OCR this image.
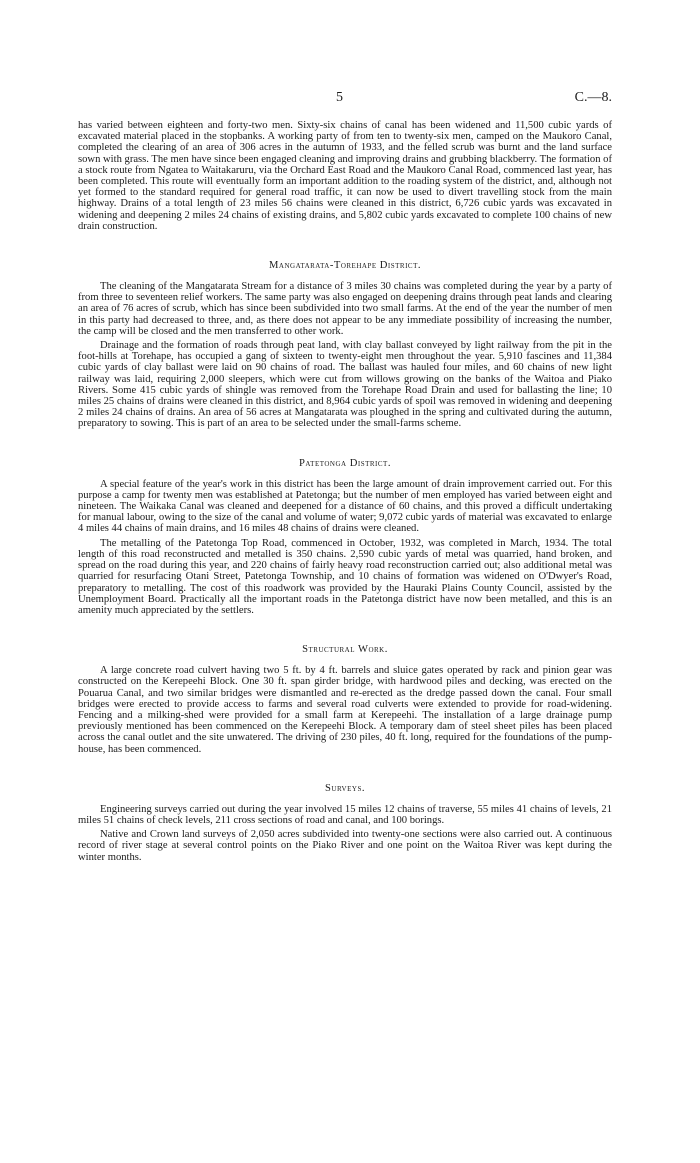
5	C.—8.

has varied between eighteen and forty-two men. Sixty-six chains of canal has been widened and 11,500 cubic yards of excavated material placed in the stopbanks. A working party of from ten to twenty-six men, camped on the Maukoro Canal, completed the clearing of an area of 306 acres in the autumn of 1933, and the felled scrub was burnt and the land surface sown with grass. The men have since been engaged cleaning and improving drains and grubbing blackberry. The formation of a stock route from Ngatea to Waitakaruru, via the Orchard East Road and the Maukoro Canal Road, commenced last year, has been completed. This route will eventually form an important addition to the roading system of the district, and, although not yet formed to the standard required for general road traffic, it can now be used to divert travelling stock from the main highway. Drains of a total length of 23 miles 56 chains were cleaned in this district, 6,726 cubic yards was excavated in widening and deepening 2 miles 24 chains of existing drains, and 5,802 cubic yards excavated to complete 100 chains of new drain construction.

Mangatarata-Torehape District.

The cleaning of the Mangatarata Stream for a distance of 3 miles 30 chains was completed during the year by a party of from three to seventeen relief workers. The same party was also engaged on deepening drains through peat lands and clearing an area of 76 acres of scrub, which has since been subdivided into two small farms. At the end of the year the number of men in this party had decreased to three, and, as there does not appear to be any immediate possibility of increasing the number, the camp will be closed and the men transferred to other work.

Drainage and the formation of roads through peat land, with clay ballast conveyed by light railway from the pit in the foot-hills at Torehape, has occupied a gang of sixteen to twenty-eight men throughout the year. 5,910 fascines and 11,384 cubic yards of clay ballast were laid on 90 chains of road. The ballast was hauled four miles, and 60 chains of new light railway was laid, requiring 2,000 sleepers, which were cut from willows growing on the banks of the Waitoa and Piako Rivers. Some 415 cubic yards of shingle was removed from the Torehape Road Drain and used for ballasting the line; 10 miles 25 chains of drains were cleaned in this district, and 8,964 cubic yards of spoil was removed in widening and deepening 2 miles 24 chains of drains. An area of 56 acres at Mangatarata was ploughed in the spring and cultivated during the autumn, preparatory to sowing. This is part of an area to be selected under the small-farms scheme.

Patetonga District.

A special feature of the year's work in this district has been the large amount of drain improvement carried out. For this purpose a camp for twenty men was established at Patetonga; but the number of men employed has varied between eight and nineteen. The Waikaka Canal was cleaned and deepened for a distance of 60 chains, and this proved a difficult undertaking for manual labour, owing to the size of the canal and volume of water; 9,072 cubic yards of material was excavated to enlarge 4 miles 44 chains of main drains, and 16 miles 48 chains of drains were cleaned.

The metalling of the Patetonga Top Road, commenced in October, 1932, was completed in March, 1934. The total length of this road reconstructed and metalled is 350 chains. 2,590 cubic yards of metal was quarried, hand broken, and spread on the road during this year, and 220 chains of fairly heavy road reconstruction carried out; also additional metal was quarried for resurfacing Otani Street, Patetonga Township, and 10 chains of formation was widened on O'Dwyer's Road, preparatory to metalling. The cost of this roadwork was provided by the Hauraki Plains County Council, assisted by the Unemployment Board. Practically all the important roads in the Patetonga district have now been metalled, and this is an amenity much appreciated by the settlers.

Structural Work.

A large concrete road culvert having two 5 ft. by 4 ft. barrels and sluice gates operated by rack and pinion gear was constructed on the Kerepeehi Block. One 30 ft. span girder bridge, with hardwood piles and decking, was erected on the Pouarua Canal, and two similar bridges were dismantled and re-erected as the dredge passed down the canal. Four small bridges were erected to provide access to farms and several road culverts were extended to provide for road-widening. Fencing and a milking-shed were provided for a small farm at Kerepeehi. The installation of a large drainage pump previously mentioned has been commenced on the Kerepeehi Block. A temporary dam of steel sheet piles has been placed across the canal outlet and the site unwatered. The driving of 230 piles, 40 ft. long, required for the foundations of the pump-house, has been commenced.

Surveys.

Engineering surveys carried out during the year involved 15 miles 12 chains of traverse, 55 miles 41 chains of levels, 21 miles 51 chains of check levels, 211 cross sections of road and canal, and 100 borings.

Native and Crown land surveys of 2,050 acres subdivided into twenty-one sections were also carried out. A continuous record of river stage at several control points on the Piako River and one point on the Waitoa River was kept during the winter months.
